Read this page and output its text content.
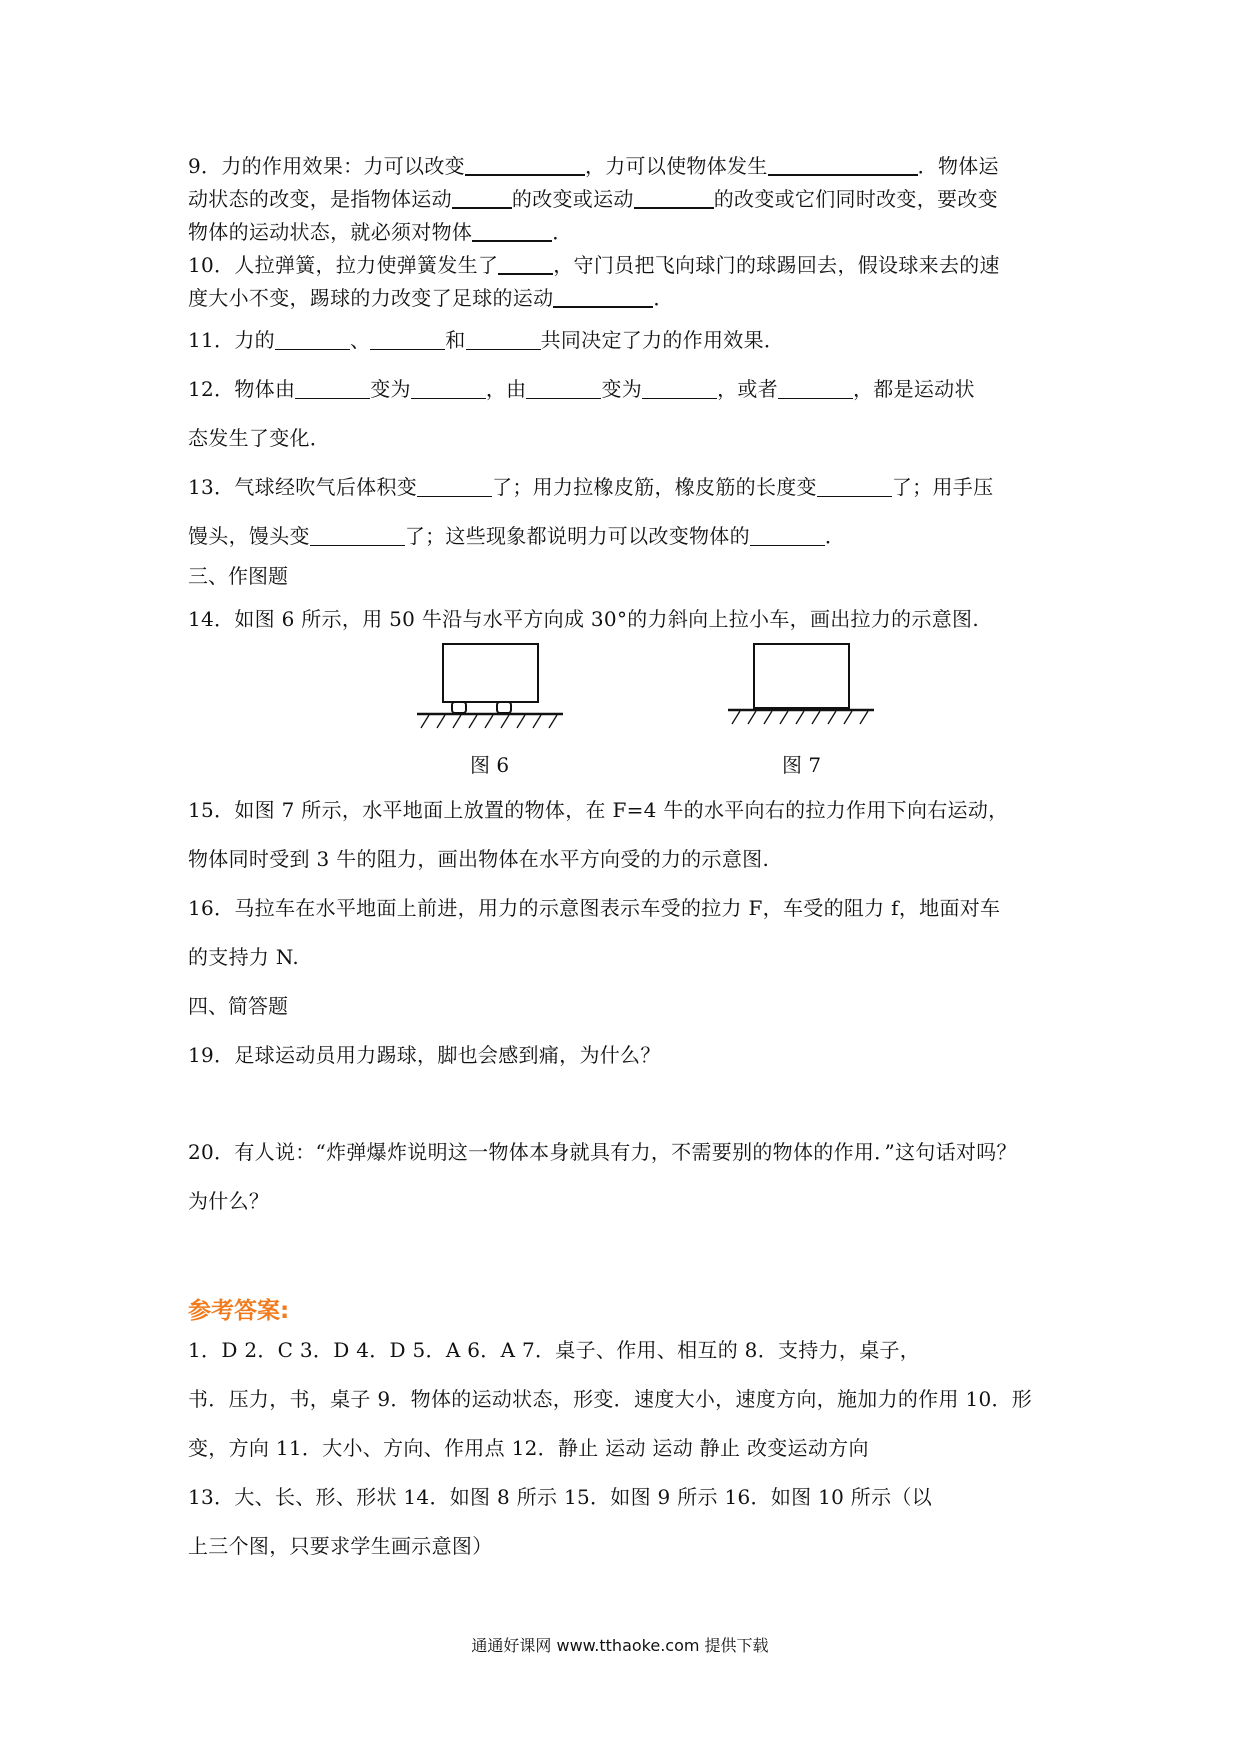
9．力的作用效果：力可以改变	，力可以使物体发生	．物体运
动状态的改变，是指物体运动	的改变或运动	的改变或它们同时改变，要改变
物体的运动状态，就必须对物体	．
10．人拉弹簧，拉力使弹簧发生了	，守门员把飞向球门的球踢回去，假设球来去的速
度大小不变，踢球的力改变了足球的运动	．
11．力的	、	和	共同决定了力的作用效果．
12．物体由	变为	，由	变为	，或者	，都是运动状
态发生了变化．
13．气球经吹气后体积变	了；用力拉橡皮筋，橡皮筋的长度变	了；用手压
馒头，馒头变	了；这些现象都说明力可以改变物体的	．
三、作图题
14．如图 6 所示，用 50 牛沿与水平方向成 30°的力斜向上拉小车，画出拉力的示意图.
图 6	图 7
15．如图 7 所示，水平地面上放置的物体，在 F=4 牛的水平向右的拉力作用下向右运动，
物体同时受到 3 牛的阻力，画出物体在水平方向受的力的示意图.
16．马拉车在水平地面上前进，用力的示意图表示车受的拉力 F，车受的阻力 f，地面对车
的支持力 N.
四、简答题
19．足球运动员用力踢球，脚也会感到痛，为什么？
20．有人说：“炸弹爆炸说明这一物体本身就具有力，不需要别的物体的作用．”这句话对吗？
为什么？
参考答案:
1．D 2．C 3．D 4．D 5．A 6．A 7．桌子、作用、相互的 8．支持力，桌子，
书．压力，书，桌子 9．物体的运动状态，形变．速度大小，速度方向，施加力的作用 10．形
变，方向 11．大小、方向、作用点 12．静止 运动 运动 静止 改变运动方向
13．大、长、形、形状 14．如图 8 所示 15．如图 9 所示 16．如图 10 所示（以
上三个图，只要求学生画示意图）
通通好课网 www.tthaoke.com 提供下载
